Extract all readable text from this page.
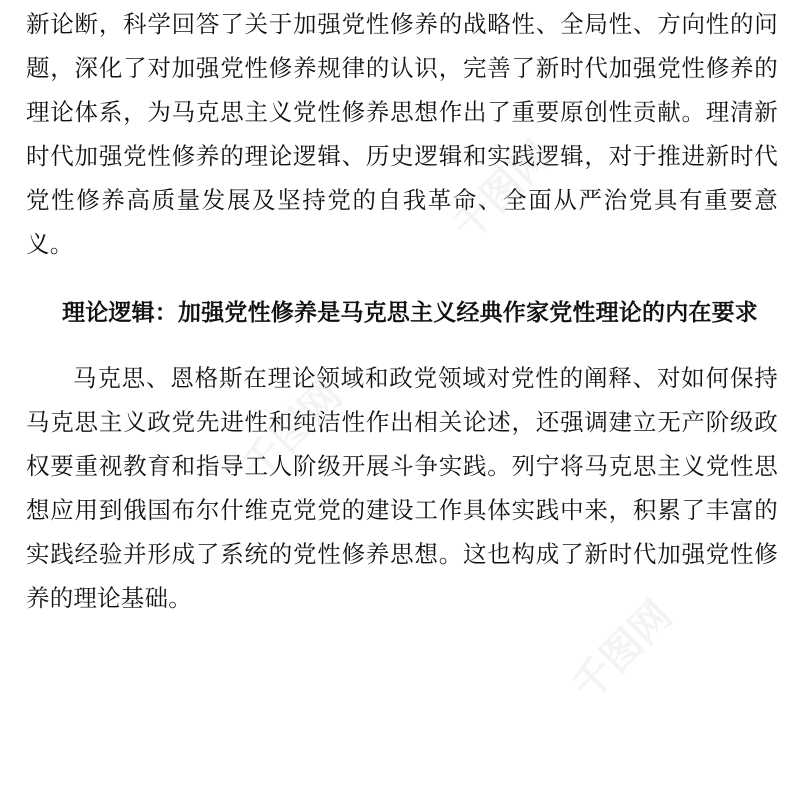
新论断，科学回答了关于加强党性修养的战略性、全局性、方向性的问题，深化了对加强党性修养规律的认识，完善了新时代加强党性修养的理论体系，为马克思主义党性修养思想作出了重要原创性贡献。理清新时代加强党性修养的理论逻辑、历史逻辑和实践逻辑，对于推进新时代党性修养高质量发展及坚持党的自我革命、全面从严治党具有重要意义。

理论逻辑：加强党性修养是马克思主义经典作家党性理论的内在要求

马克思、恩格斯在理论领域和政党领域对党性的阐释、对如何保持马克思主义政党先进性和纯洁性作出相关论述，还强调建立无产阶级政权要重视教育和指导工人阶级开展斗争实践。列宁将马克思主义党性思想应用到俄国布尔什维克党党的建设工作具体实践中来，积累了丰富的实践经验并形成了系统的党性修养思想。这也构成了新时代加强党性修养的理论基础。

千图网
千图网
千图网
